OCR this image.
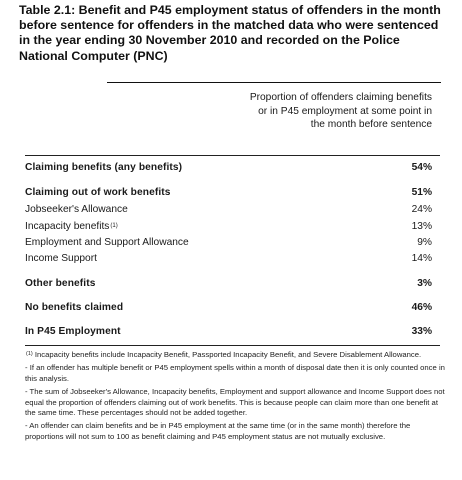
Table 2.1: Benefit and P45 employment status of offenders in the month before sentence for offenders in the matched data who were sentenced in the year ending 30 November 2010 and recorded on the Police National Computer (PNC)
Proportion of offenders claiming benefits or in P45 employment at some point in the month before sentence
Claiming benefits (any benefits)	54%
Claiming out of work benefits	51%
Jobseeker's Allowance	24%
Incapacity benefits$^{(1)}$	13%
Employment and Support Allowance	9%
Income Support	14%
Other benefits	3%
No benefits claimed	46%
In P45 Employment	33%
$^{(1)}$ Incapacity benefits include Incapacity Benefit, Passported Incapacity Benefit, and Severe Disablement Allowance.
- If an offender has multiple benefit or P45 employment spells within a month of disposal date then it is only counted once in this analysis.
- The sum of Jobseeker's Allowance, Incapacity benefits, Employment and support allowance and Income Support does not equal the proportion of offenders claiming out of work benefits. This is because people can claim more than one benefit at the same time. These percentages should not be added together.
- An offender can claim benefits and be in P45 employment at the same time (or in the same month) therefore the proportions will not sum to 100 as benefit claiming and P45 employment status are not mutually exclusive.
